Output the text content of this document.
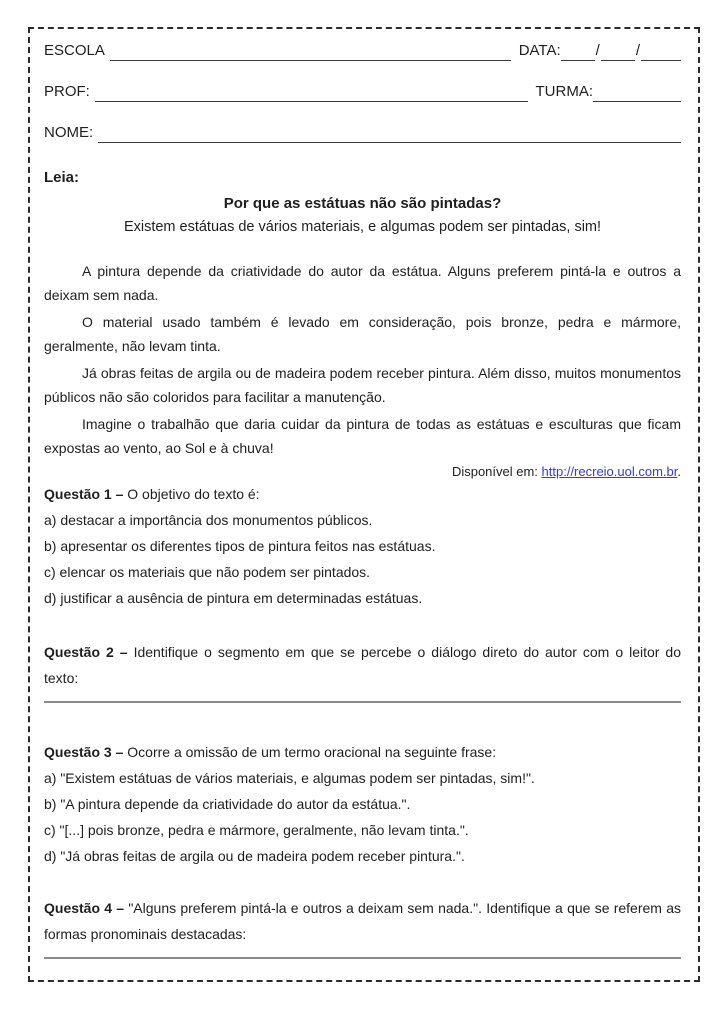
ESCOLA	DATA: / /
PROF:	TURMA:
NOME:
Leia:
Por que as estátuas não são pintadas?
Existem estátuas de vários materiais, e algumas podem ser pintadas, sim!

A pintura depende da criatividade do autor da estátua. Alguns preferem pintá-la e outros a deixam sem nada.

O material usado também é levado em consideração, pois bronze, pedra e mármore, geralmente, não levam tinta.

Já obras feitas de argila ou de madeira podem receber pintura. Além disso, muitos monumentos públicos não são coloridos para facilitar a manutenção.

Imagine o trabalhão que daria cuidar da pintura de todas as estátuas e esculturas que ficam expostas ao vento, ao Sol e à chuva!

Disponível em: http://recreio.uol.com.br.

Questão 1 – O objetivo do texto é:

a) destacar a importância dos monumentos públicos.

b) apresentar os diferentes tipos de pintura feitos nas estátuas.

c) elencar os materiais que não podem ser pintados.

d) justificar a ausência de pintura em determinadas estátuas.

Questão 2 – Identifique o segmento em que se percebe o diálogo direto do autor com o leitor do texto:

Questão 3 – Ocorre a omissão de um termo oracional na seguinte frase:

a) "Existem estátuas de vários materiais, e algumas podem ser pintadas, sim!".

b) "A pintura depende da criatividade do autor da estátua.".

c) "[...] pois bronze, pedra e mármore, geralmente, não levam tinta.".

d) "Já obras feitas de argila ou de madeira podem receber pintura.".

Questão 4 – "Alguns preferem pintá-la e outros a deixam sem nada.". Identifique a que se referem as formas pronominais destacadas:
